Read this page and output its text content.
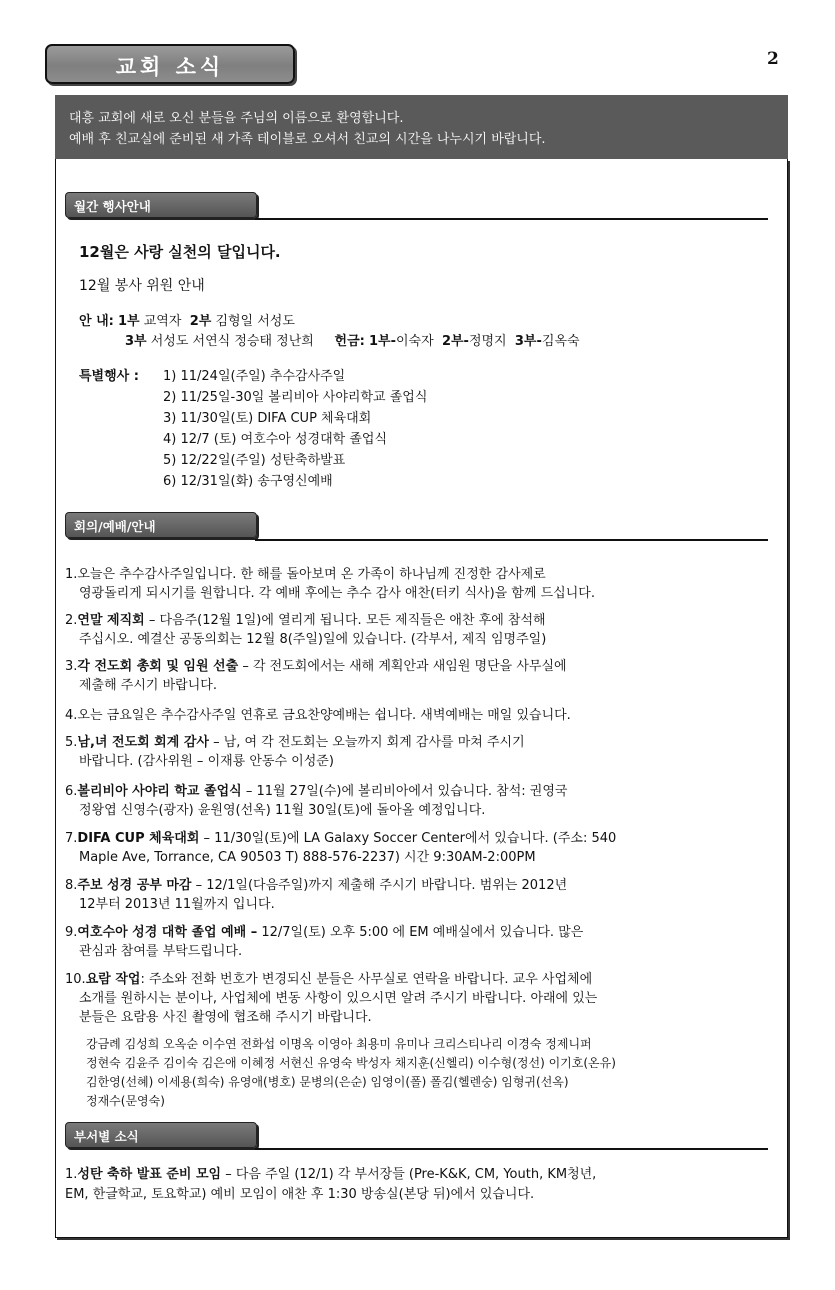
교회 소식	2
대흥 교회에 새로 오신 분들을 주님의 이름으로 환영합니다.
예배 후 친교실에 준비된 새 가족 테이블로 오셔서 친교의 시간을 나누시기 바랍니다.
월간 행사안내
12월은 사랑 실천의 달입니다.
12월 봉사 위원 안내
안 내: 1부 교역자 2부 김형일 서성도
3부 서성도 서연식 정승태 정난희 헌금: 1부-이숙자 2부-정명지 3부-김옥숙
특별행사 : 1) 11/24일(주일) 추수감사주일
2) 11/25일-30일 볼리비아 사야리학교 졸업식
3) 11/30일(토) DIFA CUP 체육대회
4) 12/7 (토) 여호수아 성경대학 졸업식
5) 12/22일(주일) 성탄축하발표
6) 12/31일(화) 송구영신예배
회의/예배/안내
1.오늘은 추수감사주일입니다. 한 해를 돌아보며 온 가족이 하나님께 진정한 감사제로
영광돌리게 되시기를 원합니다. 각 예배 후에는 추수 감사 애찬(터키 식사)을 함께 드십니다.
2.연말 제직회 – 다음주(12월 1일)에 열리게 됩니다. 모든 제직들은 애찬 후에 참석해
주십시오. 예결산 공동의회는 12월 8(주일)일에 있습니다. (각부서, 제직 임명주일)
3.각 전도회 총회 및 임원 선출 – 각 전도회에서는 새해 계획안과 새임원 명단을 사무실에
제출해 주시기 바랍니다.
4.오는 금요일은 추수감사주일 연휴로 금요찬양예배는 쉽니다. 새벽예배는 매일 있습니다.
5.남,녀 전도회 회계 감사 – 남, 여 각 전도회는 오늘까지 회계 감사를 마쳐 주시기
바랍니다. (감사위원 – 이재룡 안동수 이성준)
6.볼리비아 사야리 학교 졸업식 – 11월 27일(수)에 볼리비아에서 있습니다. 참석: 권영국
정왕엽 신영수(광자) 윤원영(선옥) 11월 30일(토)에 돌아올 예정입니다.
7.DIFA CUP 체육대회 – 11/30일(토)에 LA Galaxy Soccer Center에서 있습니다. (주소: 540
Maple Ave, Torrance, CA 90503 T) 888-576-2237) 시간 9:30AM-2:00PM
8.주보 성경 공부 마감 – 12/1일(다음주일)까지 제출해 주시기 바랍니다. 범위는 2012년
12부터 2013년 11월까지 입니다.
9.여호수아 성경 대학 졸업 예배 – 12/7일(토) 오후 5:00 에 EM 예배실에서 있습니다. 많은
관심과 참여를 부탁드립니다.
10.요람 작업: 주소와 전화 번호가 변경되신 분들은 사무실로 연락을 바랍니다. 교우 사업체에
소개를 원하시는 분이나, 사업체에 변동 사항이 있으시면 알려 주시기 바랍니다. 아래에 있는
분들은 요람용 사진 촬영에 협조해 주시기 바랍니다.
강금례 김성희 오옥순 이수연 전화섭 이명옥 이영아 최용미 유미나 크리스티나리 이경숙 정제니퍼
정현숙 김윤주 김이숙 김은애 이혜정 서현신 유영숙 박성자 채지훈(신헬리) 이수형(정선) 이기호(온유)
김한영(선혜) 이세용(희숙) 유영애(병호) 문병의(은순) 임영이(폴) 폴김(헬렌숭) 임형귀(선옥)
정재수(문영숙)
부서별 소식
1.성탄 축하 발표 준비 모임 – 다음 주일 (12/1) 각 부서장들 (Pre-K&K, CM, Youth, KM청년,
EM, 한글학교, 토요학교) 예비 모임이 애찬 후 1:30 방송실(본당 뒤)에서 있습니다.
